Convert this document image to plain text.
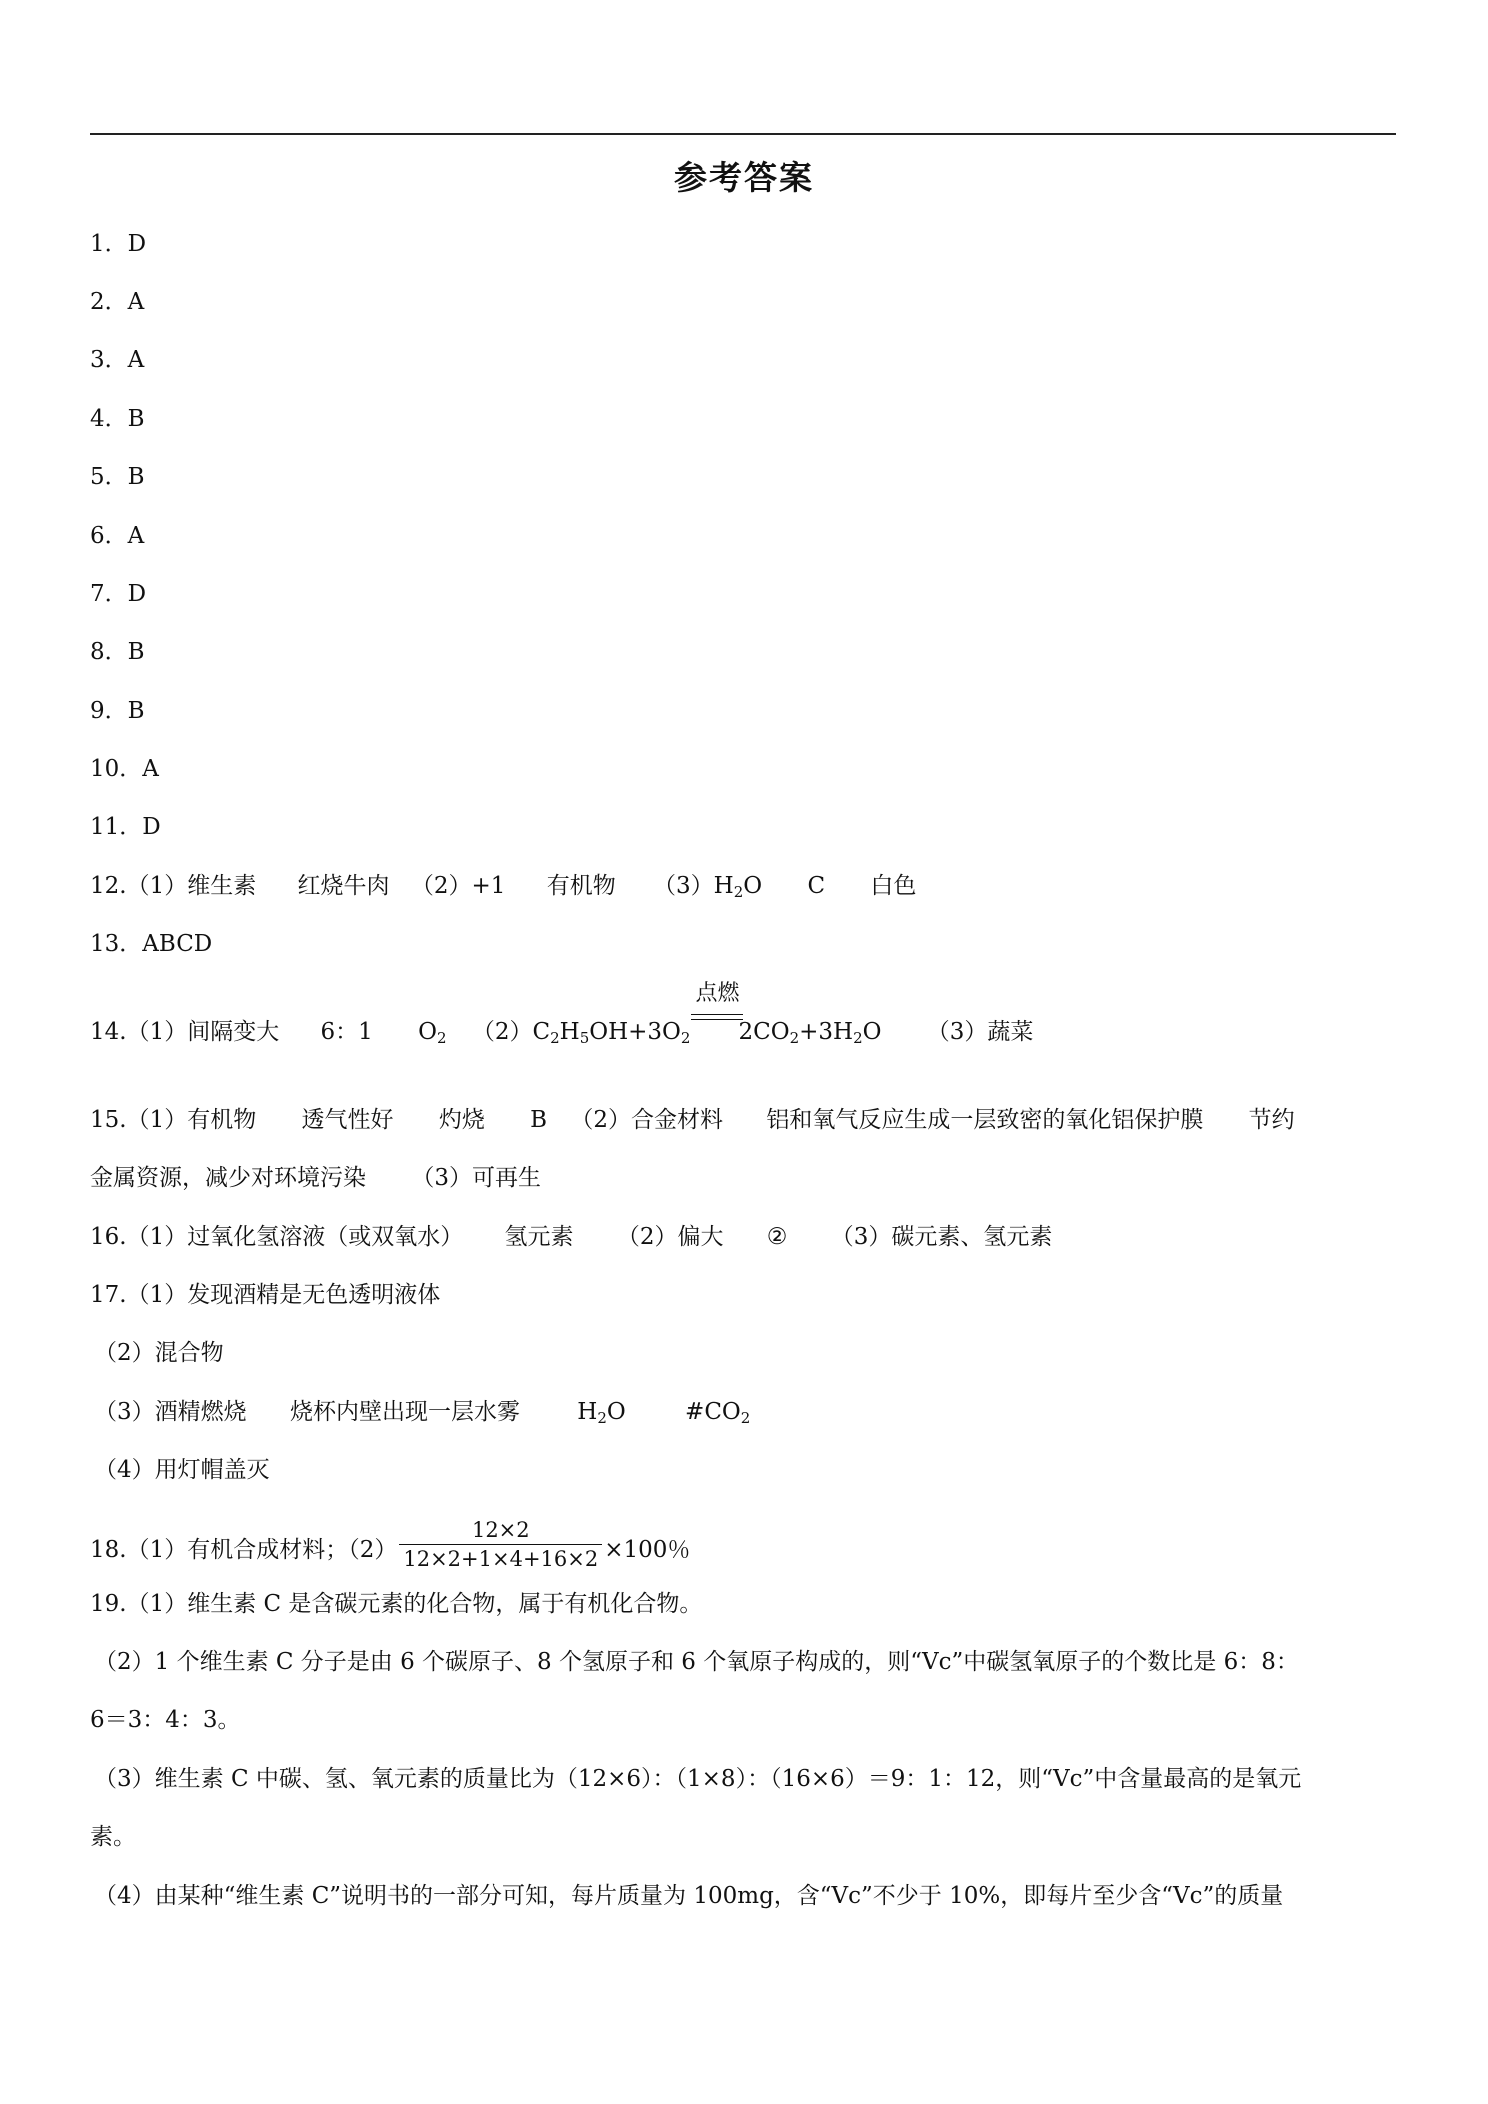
参考答案
1．D
2．A
3．A
4．B
5．B
6．A
7．D
8．B
9．B
10．A
11．D
12.（1）维生素 红烧牛肉 （2）+1 有机物 $(3)H_2O$ C 白色
13．ABCD
14.（1）间隔变大 6：1 $O_2$ $(2)C_2H_5OH+3O_2$
点燃
$2CO_2+3H_2O$ （3）蔬菜
15.（1）有机物 透气性好 灼烧 B （2）合金材料 铝和氧气反应生成一层致密的氧化铝保护膜 节约
金属资源，减少对环境污染 （3）可再生
16.（1）过氧化氢溶液（或双氧水） 氢元素 （2）偏大 ② （3）碳元素、氢元素
17.（1）发现酒精是无色透明液体
（2）混合物
（3）酒精燃烧 烧杯内壁出现一层水雾 $H_2O$	$\#CO_2$
（4）用灯帽盖灭
18.（1）有机合成材料；$(2) \frac{12\times 2}{12\times 2+1\times 4+16\times 2} \times 100$％
19.（1）维生素 C 是含碳元素的化合物，属于有机化合物。
（2）1 个维生素 C 分子是由 6 个碳原子、8 个氢原子和 6 个氧原子构成的，则“Vc”中碳氢氧原子的个数比是 6：8：
6＝3：4：3。
（3）维生素 C 中碳、氢、氧元素的质量比为（12×6）：（1×8）：（16×6）＝9：1：12，则“Vc”中含量最高的是氧元
素。
（4）由某种“维生素 C”说明书的一部分可知，每片质量为 100mg，含“Vc”不少于 10%，即每片至少含“Vc”的质量
